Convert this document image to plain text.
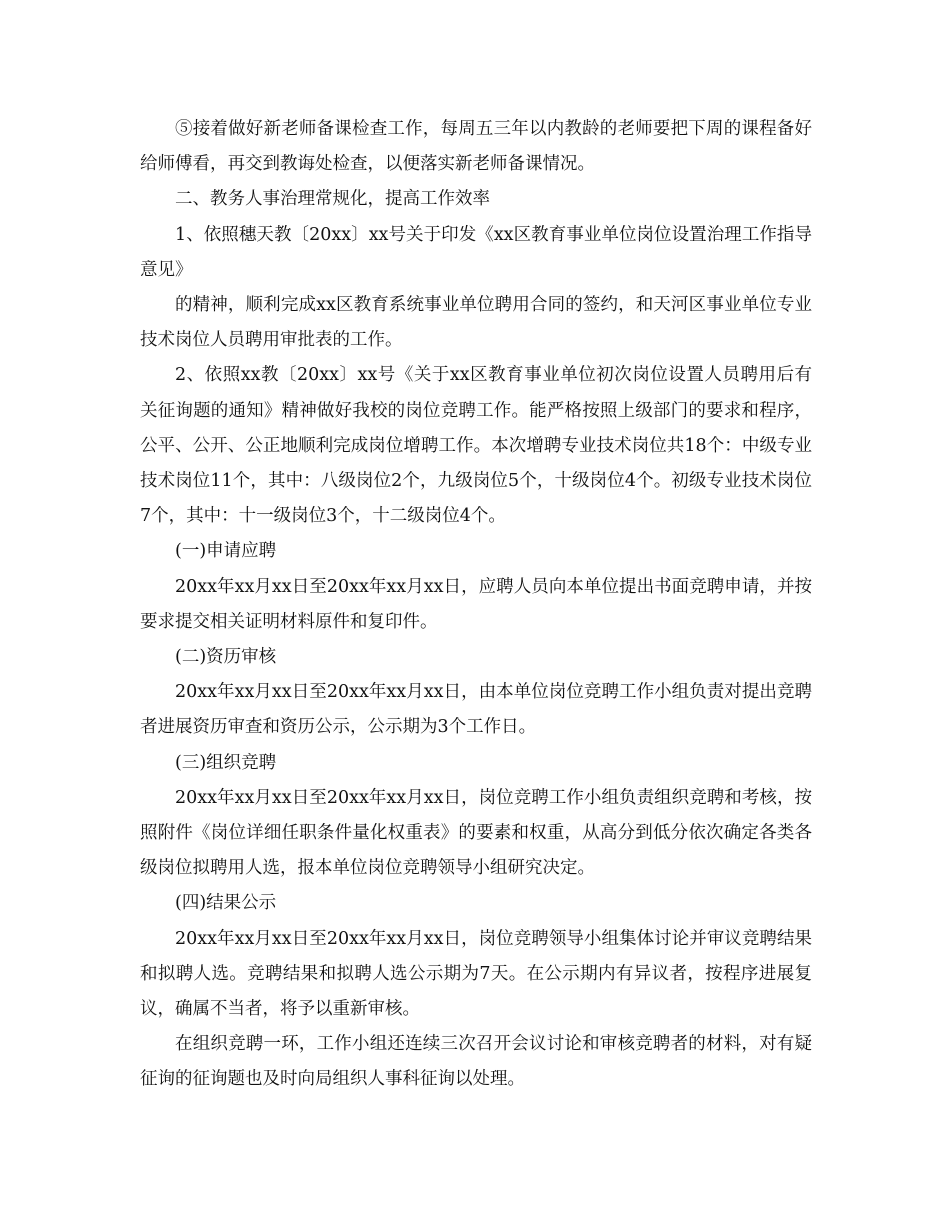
⑤接着做好新老师备课检查工作，每周五三年以内教龄的老师要把下周的课程备好给师傅看，再交到教诲处检查，以便落实新老师备课情况。

二、教务人事治理常规化，提高工作效率

1、依照穗天教〔20xx〕xx号关于印发《xx区教育事业单位岗位设置治理工作指导意见》

的精神，顺利完成xx区教育系统事业单位聘用合同的签约，和天河区事业单位专业技术岗位人员聘用审批表的工作。

2、依照xx教〔20xx〕xx号《关于xx区教育事业单位初次岗位设置人员聘用后有关征询题的通知》精神做好我校的岗位竞聘工作。能严格按照上级部门的要求和程序，公平、公开、公正地顺利完成岗位增聘工作。本次增聘专业技术岗位共18个：中级专业技术岗位11个，其中：八级岗位2个，九级岗位5个，十级岗位4个。初级专业技术岗位7个，其中：十一级岗位3个，十二级岗位4个。

(一)申请应聘

20xx年xx月xx日至20xx年xx月xx日，应聘人员向本单位提出书面竞聘申请，并按要求提交相关证明材料原件和复印件。

(二)资历审核

20xx年xx月xx日至20xx年xx月xx日，由本单位岗位竞聘工作小组负责对提出竞聘者进展资历审查和资历公示，公示期为3个工作日。

(三)组织竞聘

20xx年xx月xx日至20xx年xx月xx日，岗位竞聘工作小组负责组织竞聘和考核，按照附件《岗位详细任职条件量化权重表》的要素和权重，从高分到低分依次确定各类各级岗位拟聘用人选，报本单位岗位竞聘领导小组研究决定。

(四)结果公示

20xx年xx月xx日至20xx年xx月xx日，岗位竞聘领导小组集体讨论并审议竞聘结果和拟聘人选。竞聘结果和拟聘人选公示期为7天。在公示期内有异议者，按程序进展复议，确属不当者，将予以重新审核。

在组织竞聘一环，工作小组还连续三次召开会议讨论和审核竞聘者的材料，对有疑征询的征询题也及时向局组织人事科征询以处理。
